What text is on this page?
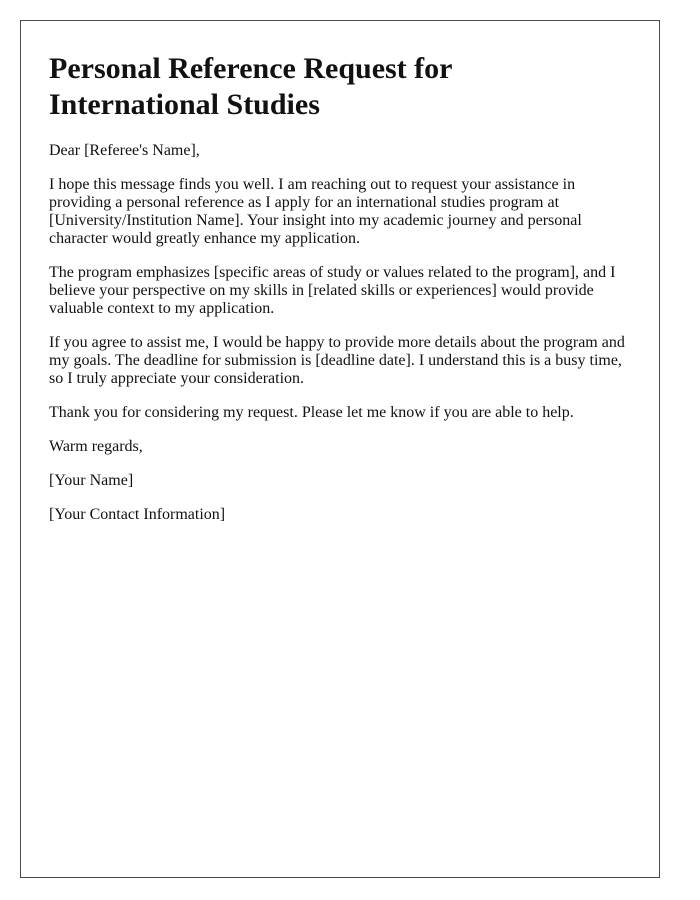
Personal Reference Request for International Studies

Dear [Referee's Name],

I hope this message finds you well. I am reaching out to request your assistance in providing a personal reference as I apply for an international studies program at [University/Institution Name]. Your insight into my academic journey and personal character would greatly enhance my application.

The program emphasizes [specific areas of study or values related to the program], and I believe your perspective on my skills in [related skills or experiences] would provide valuable context to my application.

If you agree to assist me, I would be happy to provide more details about the program and my goals. The deadline for submission is [deadline date]. I understand this is a busy time, so I truly appreciate your consideration.

Thank you for considering my request. Please let me know if you are able to help.

Warm regards,

[Your Name]

[Your Contact Information]
